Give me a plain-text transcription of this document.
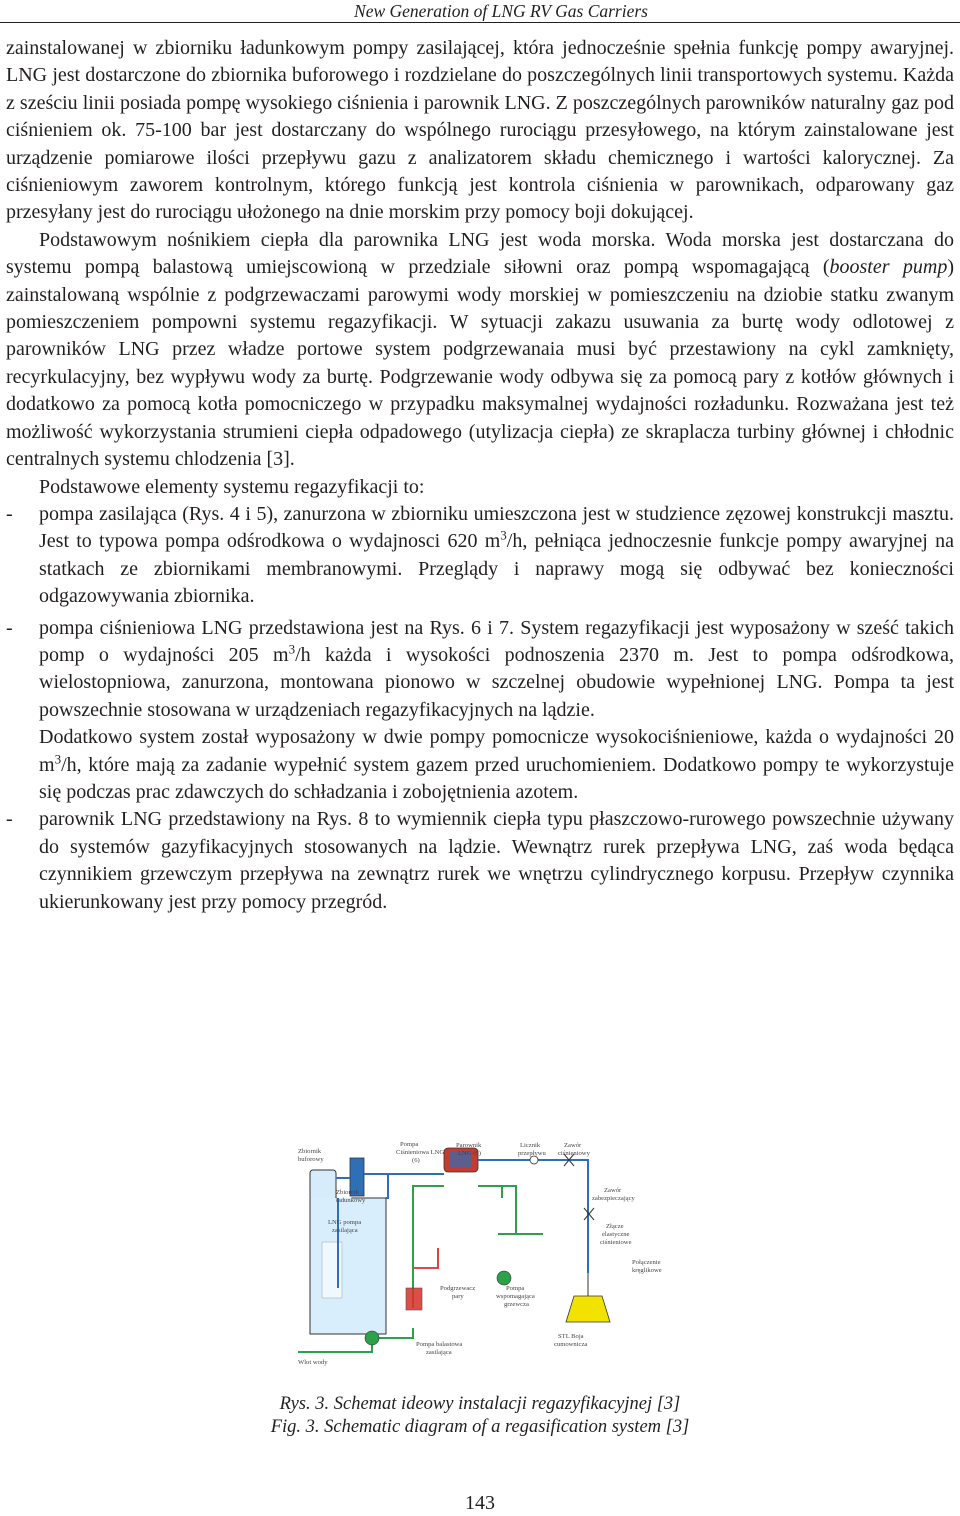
New Generation of LNG RV Gas Carriers

zainstalowanej w zbiorniku ładunkowym pompy zasilającej, która jednocześnie spełnia funkcję pompy awaryjnej. LNG jest dostarczone do zbiornika buforowego i rozdzielane do poszczególnych linii transportowych systemu. Każda z sześciu linii posiada pompę wysokiego ciśnienia i parownik LNG. Z poszczególnych parowników naturalny gaz pod ciśnieniem ok. 75-100 bar jest dostarczany do wspólnego rurociągu przesyłowego, na którym zainstalowane jest urządzenie pomiarowe ilości przepływu gazu z analizatorem składu chemicznego i wartości kalorycznej. Za ciśnieniowym zaworem kontrolnym, którego funkcją jest kontrola ciśnienia w parownikach, odparowany gaz przesyłany jest do rurociągu ułożonego na dnie morskim przy pomocy boji dokującej.

Podstawowym nośnikiem ciepła dla parownika LNG jest woda morska. Woda morska jest dostarczana do systemu pompą balastową umiejscowioną w przedziale siłowni oraz pompą wspomagającą (booster pump) zainstalowaną wspólnie z podgrzewaczami parowymi wody morskiej w pomieszczeniu na dziobie statku zwanym pomieszczeniem pompowni systemu regazyfikacji. W sytuacji zakazu usuwania za burtę wody odlotowej z parowników LNG przez władze portowe system podgrzewanaia musi być przestawiony na cykl zamknięty, recyrkulacyjny, bez wypływu wody za burtę. Podgrzewanie wody odbywa się za pomocą pary z kotłów głównych i dodatkowo za pomocą kotła pomocniczego w przypadku maksymalnej wydajności rozładunku. Rozważana jest też możliwość wykorzystania strumieni ciepła odpadowego (utylizacja ciepła) ze skraplacza turbiny głównej i chłodnic centralnych systemu chlodzenia [3].

Podstawowe elementy systemu regazyfikacji to:

-	pompa zasilająca (Rys. 4 i 5), zanurzona w zbiorniku umieszczona jest w studzience zęzowej konstrukcji masztu. Jest to typowa pompa odśrodkowa o wydajnosci 620 $m^3/h$, pełniąca jednoczesnie funkcje pompy awaryjnej na statkach ze zbiornikami membranowymi. Przeglądy i naprawy mogą się odbywać bez konieczności odgazowywania zbiornika.
-	pompa ciśnieniowa LNG przedstawiona jest na Rys. 6 i 7. System regazyfikacji jest wyposażony w sześć takich pomp o wydajności 205 $m^3/h$ każda i wysokości podnoszenia 2370 m. Jest to pompa odśrodkowa, wielostopniowa, zanurzona, montowana pionowo w szczelnej obudowie wypełnionej LNG. Pompa ta jest powszechnie stosowana w urządzeniach regazyfikacyjnych na lądzie.

Dodatkowo system został wyposażony w dwie pompy pomocnicze wysokociśnieniowe, każda o wydajności 20 $m^3/h$, które mają za zadanie wypełnić system gazem przed uruchomieniem. Dodatkowo pompy te wykorzystuje się podczas prac zdawczych do schładzania i zobojętnienia azotem.

-	parownik LNG przedstawiony na Rys. 8 to wymiennik ciepła typu płaszczowo-rurowego powszechnie używany do systemów gazyfikacyjnych stosowanych na lądzie. Wewnątrz rurek przepływa LNG, zaś woda będąca czynnikiem grzewczym przepływa na zewnątrz rurek we wnętrzu cylindrycznego korpusu. Przepływ czynnika ukierunkowany jest przy pomocy przegród.
Zbiornik
buforowy
Pompa
Ciśnieniowa LNG
(6)
Parownik
LNG (6)
Licznik
przepływu
Zawór
ciśnieniowy
Zbiornik
ładunkowy
LNG pompa
zasilająca
Zawór
zabezpieczający
Złącze
elastyczne
ciśnieniowe
Połączenie
kręglikowe
Podgrzewacz
pary
Pompa
wspomagająca
grzewcza
STL Boja
cumownicza
Pompa balastowa
zasilająca
Wlot wody
Rys. 3. Schemat ideowy instalacji regazyfikacyjnej [3]
Fig. 3. Schematic diagram of a regasification system [3]
143
